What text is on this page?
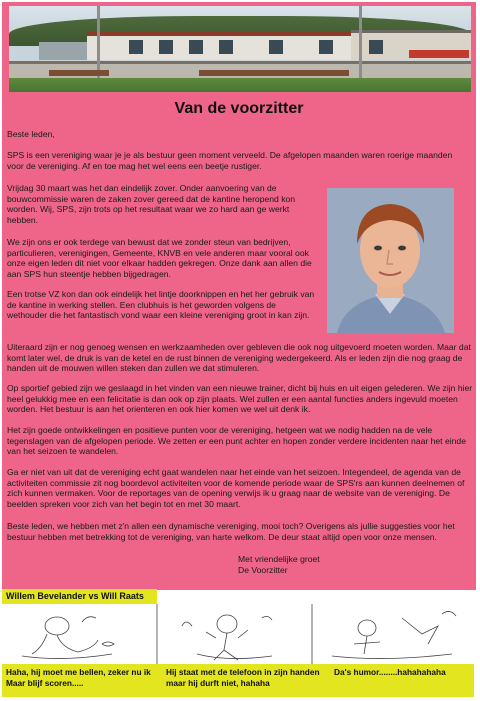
Van de voorzitter

Beste leden,

SPS is een vereniging waar je je als bestuur geen moment verveeld. De afgelopen maanden waren roerige maanden voor de vereniging. Af en toe mag het wel eens een beetje rustiger.

Vrijdag 30 maart was het dan eindelijk zover. Onder aanvoering van de bouwcommissie waren de zaken zover gereed dat de kantine heropend kon worden. Wij, SPS, zijn trots op het resultaat waar we zo hard aan ge werkt hebben.

We zijn ons er ook terdege van bewust dat we zonder steun van bedrijven, particulieren, verenigingen, Gemeente, KNVB en vele anderen maar vooral ook onze eigen leden dit niet voor elkaar hadden gekregen. Onze dank aan allen die aan SPS hun steentje hebben bijgedragen.

Een trotse VZ kon dan ook eindelijk het lintje doorknippen en het her gebruik van de kantine in werking stellen. Een clubhuis is het geworden volgens de wethouder die het fantastisch vond waar een kleine vereniging groot in kan zijn.

Uiteraard zijn er nog genoeg wensen en werkzaamheden over gebleven die ook nog uitgevoerd moeten worden. Maar dat komt later wel, de druk is van de ketel en de rust binnen de vereniging wedergekeerd. Als er leden zijn die nog graag de handen uit de mouwen willen steken dan zullen we dat stimuleren.

Op sportief gebied zijn we geslaagd in het vinden van een nieuwe trainer, dicht bij huis en uit eigen gelederen. We zijn hier heel gelukkig mee en een felicitatie is dan ook op zijn plaats. Wel zullen er een aantal functies anders ingevuld moeten worden. Het bestuur is aan het orienteren en ook hier komen we wel uit denk ik.

Het zijn goede ontwikkelingen en positieve punten voor de vereniging, hetgeen wat we nodig hadden na de vele tegenslagen van de afgelopen periode. We zetten er een punt achter en hopen zonder verdere incidenten naar het einde van het seizoen te wandelen.

Ga er niet van uit dat de vereniging echt gaat wandelen naar het einde van het seizoen. Integendeel, de agenda van de activiteiten commissie zit nog boordevol activiteiten voor de komende periode waar de SPS'rs aan kunnen deelnemen of zich kunnen vermaken. Voor de reportages van de opening verwijs ik u graag naar de website van de vereniging. De beelden spreken voor zich van het begin tot en met 30 maart.

Beste leden, we hebben met z'n allen een dynamische vereniging, mooi toch? Overigens als jullie suggesties voor het bestuur hebben met betrekking tot de vereniging, van harte welkom. De deur staat altijd open voor onze mensen.

Met vriendelijke groet
De Voorzitter
Willem Bevelander vs Will Raats
Haha, hij moet me bellen, zeker nu ik Maar blijf scoren.....
Hij staat met de telefoon in zijn handen maar hij durft niet, hahaha
Da's humor........hahahahaha
